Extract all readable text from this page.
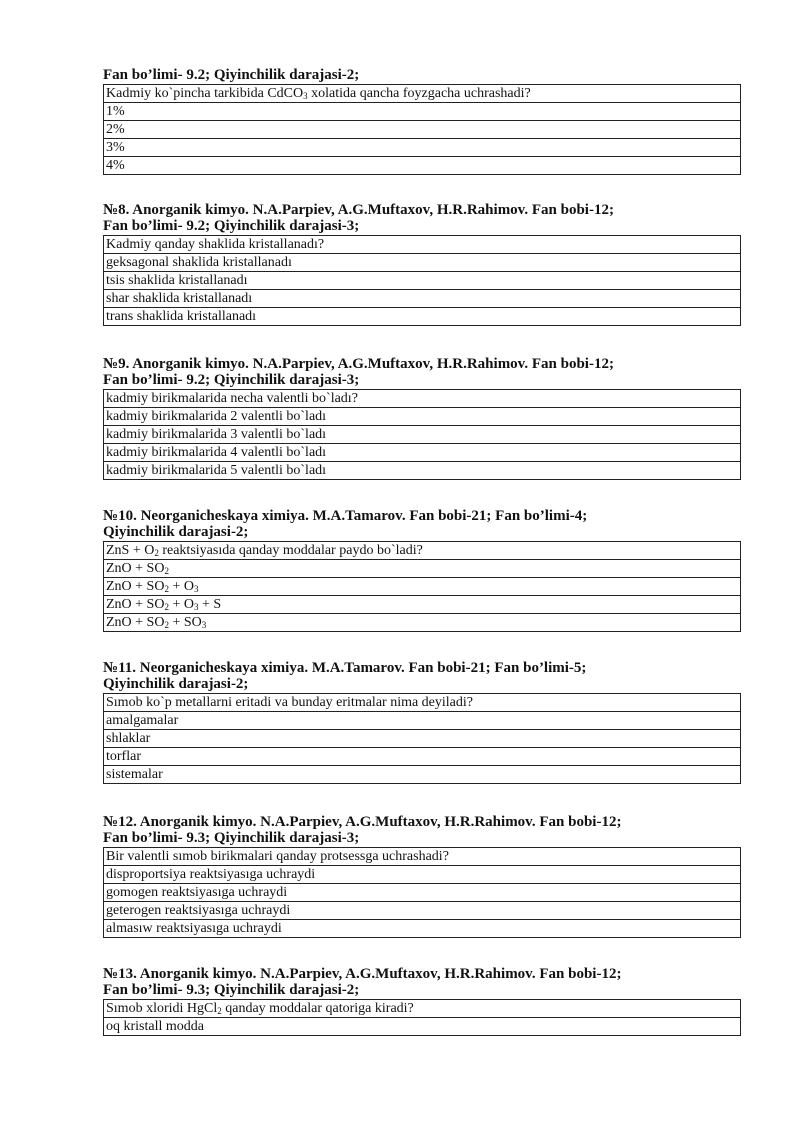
Fan bo’limi- 9.2; Qiyinchilik darajasi-2;

Kadmiy ko`pincha tarkibida CdCO$_3$ xolatida qancha foyzgacha uchrashadi?
1%
2%
3%
4%

№8. Anorganik kimyo. N.A.Parpiev, A.G.Muftaxov, H.R.Rahimov. Fan bobi-12;

Fan bo’limi- 9.2; Qiyinchilik darajasi-3;

Kadmiy qanday shaklida kristallanadı?
geksagonal shaklida kristallanadı
tsis shaklida kristallanadı
shar shaklida kristallanadı
trans shaklida kristallanadı

№9. Anorganik kimyo. N.A.Parpiev, A.G.Muftaxov, H.R.Rahimov. Fan bobi-12;

Fan bo’limi- 9.2; Qiyinchilik darajasi-3;

kadmiy birikmalarida necha valentli bo`ladı?
kadmiy birikmalarida 2 valentli bo`ladı
kadmiy birikmalarida 3 valentli bo`ladı
kadmiy birikmalarida 4 valentli bo`ladı
kadmiy birikmalarida 5 valentli bo`ladı

№10. Neorganicheskaya ximiya. M.A.Tamarov. Fan bobi-21; Fan bo’limi-4;

Qiyinchilik darajasi-2;

ZnS + $O_2$ reaktsiyasıda qanday moddalar paydo bo`ladi?
ZnO + $SO_2$
ZnO + $SO_2 + O_3$
ZnO + $SO_2 + O_3 + S$
ZnO + $SO_2 + SO_3$

№11. Neorganicheskaya ximiya. M.A.Tamarov. Fan bobi-21; Fan bo’limi-5;

Qiyinchilik darajasi-2;

Sımob ko`p metallarni eritadi va bunday eritmalar nima deyiladi?
amalgamalar
shlaklar
torflar
sistemalar

№12. Anorganik kimyo. N.A.Parpiev, A.G.Muftaxov, H.R.Rahimov. Fan bobi-12;

Fan bo’limi- 9.3; Qiyinchilik darajasi-3;

Bir valentli sımob birikmalari qanday protsessga uchrashadi?
disproportsiya reaktsiyasıga uchraydi
gomogen reaktsiyasıga uchraydi
geterogen reaktsiyasıga uchraydi
almasıw reaktsiyasıga uchraydi

№13. Anorganik kimyo. N.A.Parpiev, A.G.Muftaxov, H.R.Rahimov. Fan bobi-12;

Fan bo’limi- 9.3; Qiyinchilik darajasi-2;

Sımob xloridi HgCl$_2$ qanday moddalar qatoriga kiradi?
oq kristall modda
